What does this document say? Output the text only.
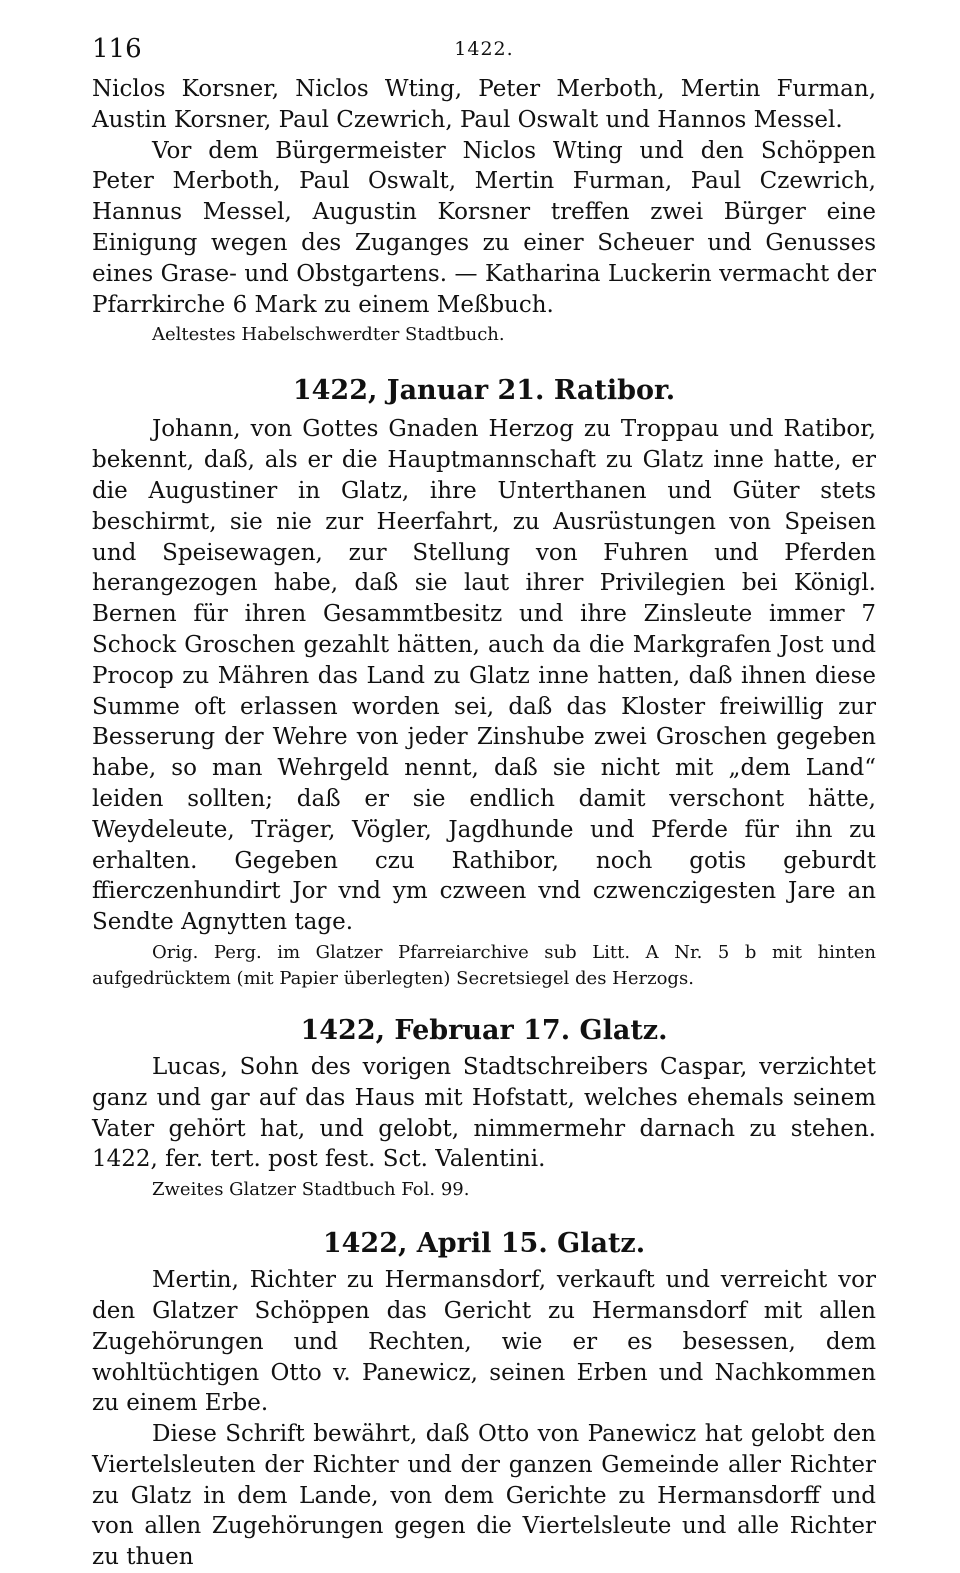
116	1422.

Niclos Korsner, Niclos Wting, Peter Merboth, Mertin Furman, Austin Korsner, Paul Czewrich, Paul Oswalt und Hannos Messel.

Vor dem Bürgermeister Niclos Wting und den Schöppen Peter Merboth, Paul Oswalt, Mertin Furman, Paul Czewrich, Hannus Messel, Augustin Korsner treffen zwei Bürger eine Einigung wegen des Zuganges zu einer Scheuer und Genusses eines Grase- und Obstgartens. — Katharina Luckerin vermacht der Pfarrkirche 6 Mark zu einem Meßbuch.

Aeltestes Habelschwerdter Stadtbuch.

1422, Januar 21. Ratibor.

Johann, von Gottes Gnaden Herzog zu Troppau und Ratibor, bekennt, daß, als er die Hauptmannschaft zu Glatz inne hatte, er die Augustiner in Glatz, ihre Unterthanen und Güter stets beschirmt, sie nie zur Heerfahrt, zu Ausrüstungen von Speisen und Speisewagen, zur Stellung von Fuhren und Pferden herangezogen habe, daß sie laut ihrer Privilegien bei Königl. Bernen für ihren Gesammtbesitz und ihre Zinsleute immer 7 Schock Groschen gezahlt hätten, auch da die Markgrafen Jost und Procop zu Mähren das Land zu Glatz inne hatten, daß ihnen diese Summe oft erlassen worden sei, daß das Kloster freiwillig zur Besserung der Wehre von jeder Zinshube zwei Groschen gegeben habe, so man Wehrgeld nennt, daß sie nicht mit „dem Land“ leiden sollten; daß er sie endlich damit verschont hätte, Weydeleute, Träger, Vögler, Jagdhunde und Pferde für ihn zu erhalten. Gegeben czu Rathibor, noch gotis geburdt ffierczenhundirt Jor vnd ym czween vnd czwenczigesten Jare an Sendte Agnytten tage.

Orig. Perg. im Glatzer Pfarreiarchive sub Litt. A Nr. 5 b mit hinten aufgedrücktem (mit Papier überlegten) Secretsiegel des Herzogs.

1422, Februar 17. Glatz.

Lucas, Sohn des vorigen Stadtschreibers Caspar, verzichtet ganz und gar auf das Haus mit Hofstatt, welches ehemals seinem Vater gehört hat, und gelobt, nimmermehr darnach zu stehen. 1422, fer. tert. post fest. Sct. Valentini.

Zweites Glatzer Stadtbuch Fol. 99.

1422, April 15. Glatz.

Mertin, Richter zu Hermansdorf, verkauft und verreicht vor den Glatzer Schöppen das Gericht zu Hermansdorf mit allen Zugehörungen und Rechten, wie er es besessen, dem wohltüchtigen Otto v. Panewicz, seinen Erben und Nachkommen zu einem Erbe.

Diese Schrift bewährt, daß Otto von Panewicz hat gelobt den Viertelsleuten der Richter und der ganzen Gemeinde aller Richter zu Glatz in dem Lande, von dem Gerichte zu Hermansdorff und von allen Zugehörungen gegen die Viertelsleute und alle Richter zu thuen
